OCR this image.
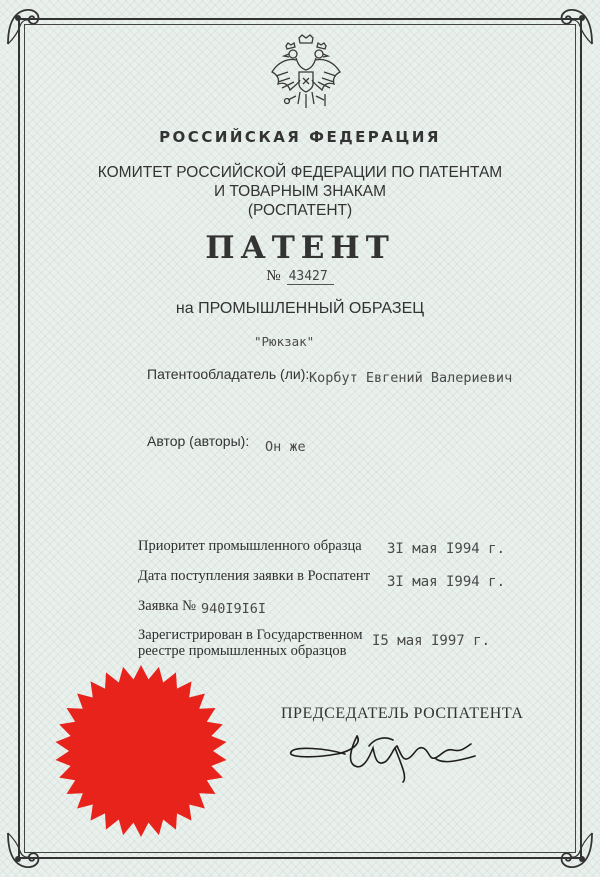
РОССИЙСКАЯ ФЕДЕРАЦИЯ
КОМИТЕТ РОССИЙСКОЙ ФЕДЕРАЦИИ ПО ПАТЕНТАМ
И ТОВАРНЫМ ЗНАКАМ
(РОСПАТЕНТ)
ПАТЕНТ
№ 43427
на ПРОМЫШЛЕННЫЙ ОБРАЗЕЦ
"Рюкзак"
Патентообладатель (ли): Корбут Евгений Валериевич
Автор (авторы): Он же
Приоритет промышленного образца 3I мая I994 г.
Дата поступления заявки в Роспатент 3I мая I994 г.
Заявка № 940I9I6I
Зарегистрирован в Государственном
реестре промышленных образцов
I5 мая I997 г.
ПРЕДСЕДАТЕЛЬ РОСПАТЕНТА
